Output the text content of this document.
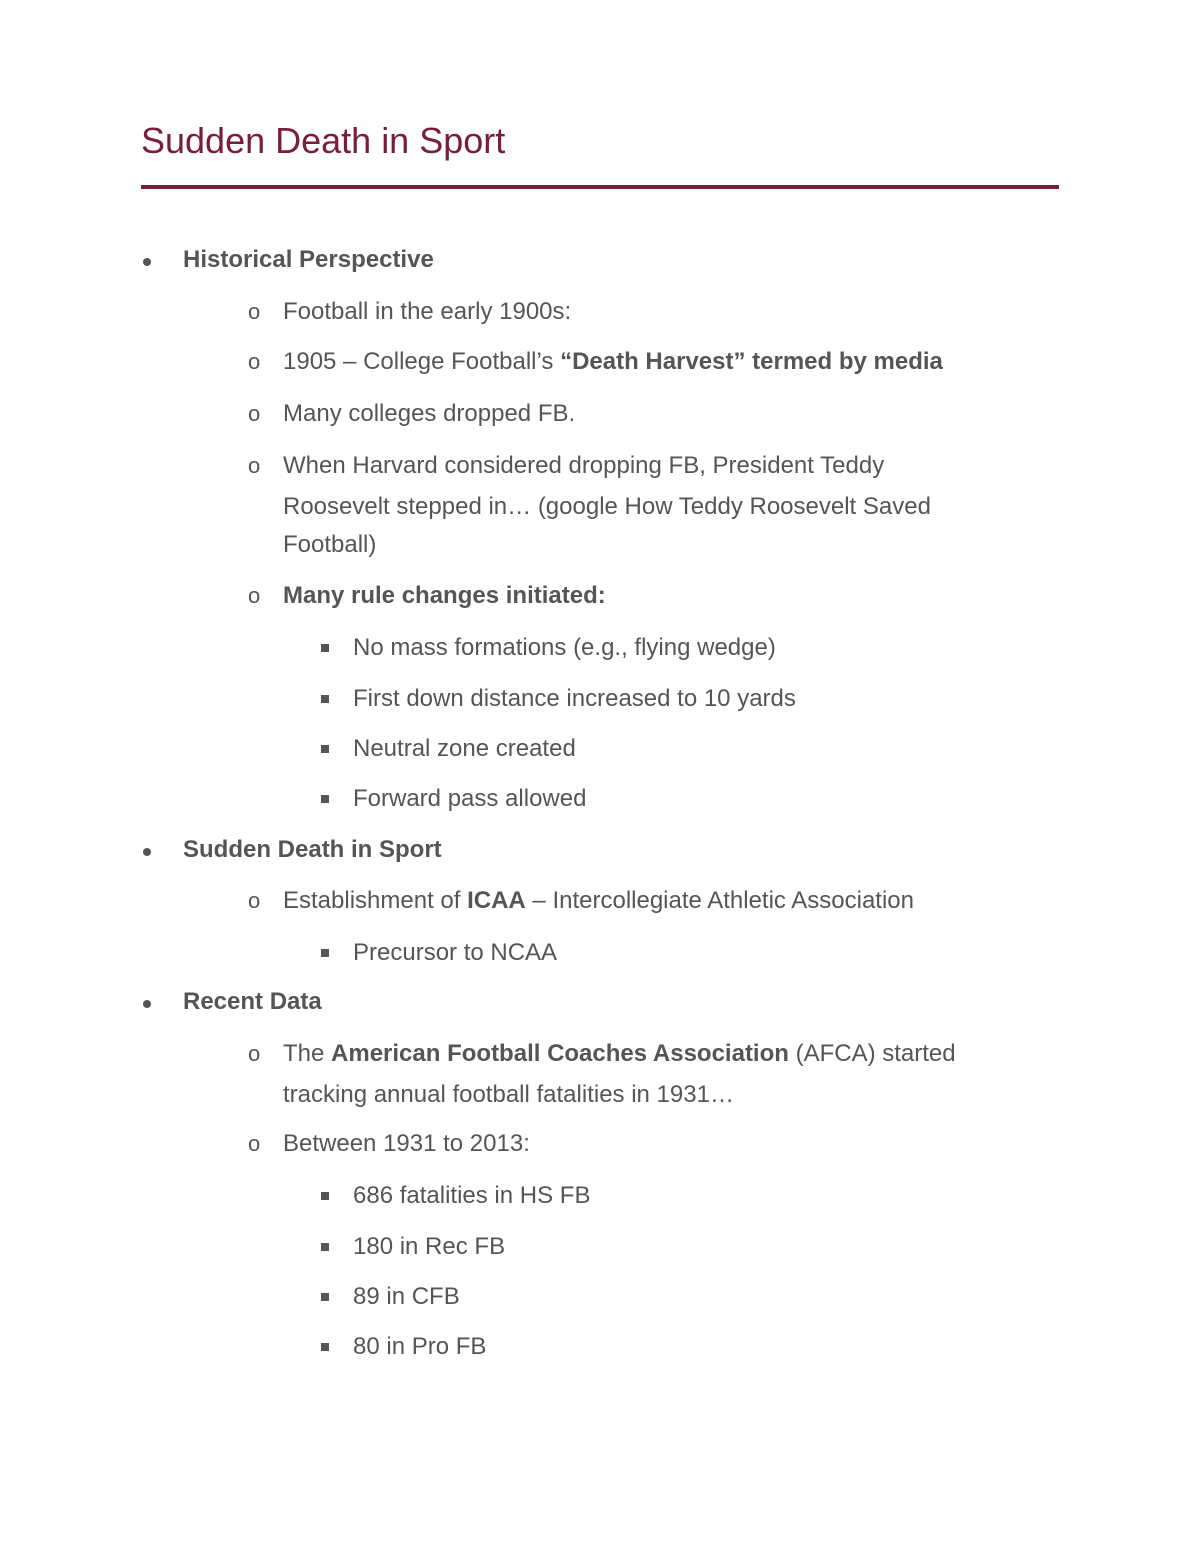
Sudden Death in Sport
Historical Perspective
o Football in the early 1900s:
o 1905 – College Football’s “Death Harvest” termed by media
o Many colleges dropped FB.
o When Harvard considered dropping FB, President Teddy
Roosevelt stepped in… (google How Teddy Roosevelt Saved
Football)
o Many rule changes initiated:
No mass formations (e.g., flying wedge)
First down distance increased to 10 yards
Neutral zone created
Forward pass allowed
Sudden Death in Sport
o Establishment of ICAA – Intercollegiate Athletic Association
Precursor to NCAA
Recent Data
o The American Football Coaches Association (AFCA) started
tracking annual football fatalities in 1931…
o Between 1931 to 2013:
686 fatalities in HS FB
180 in Rec FB
89 in CFB
80 in Pro FB
